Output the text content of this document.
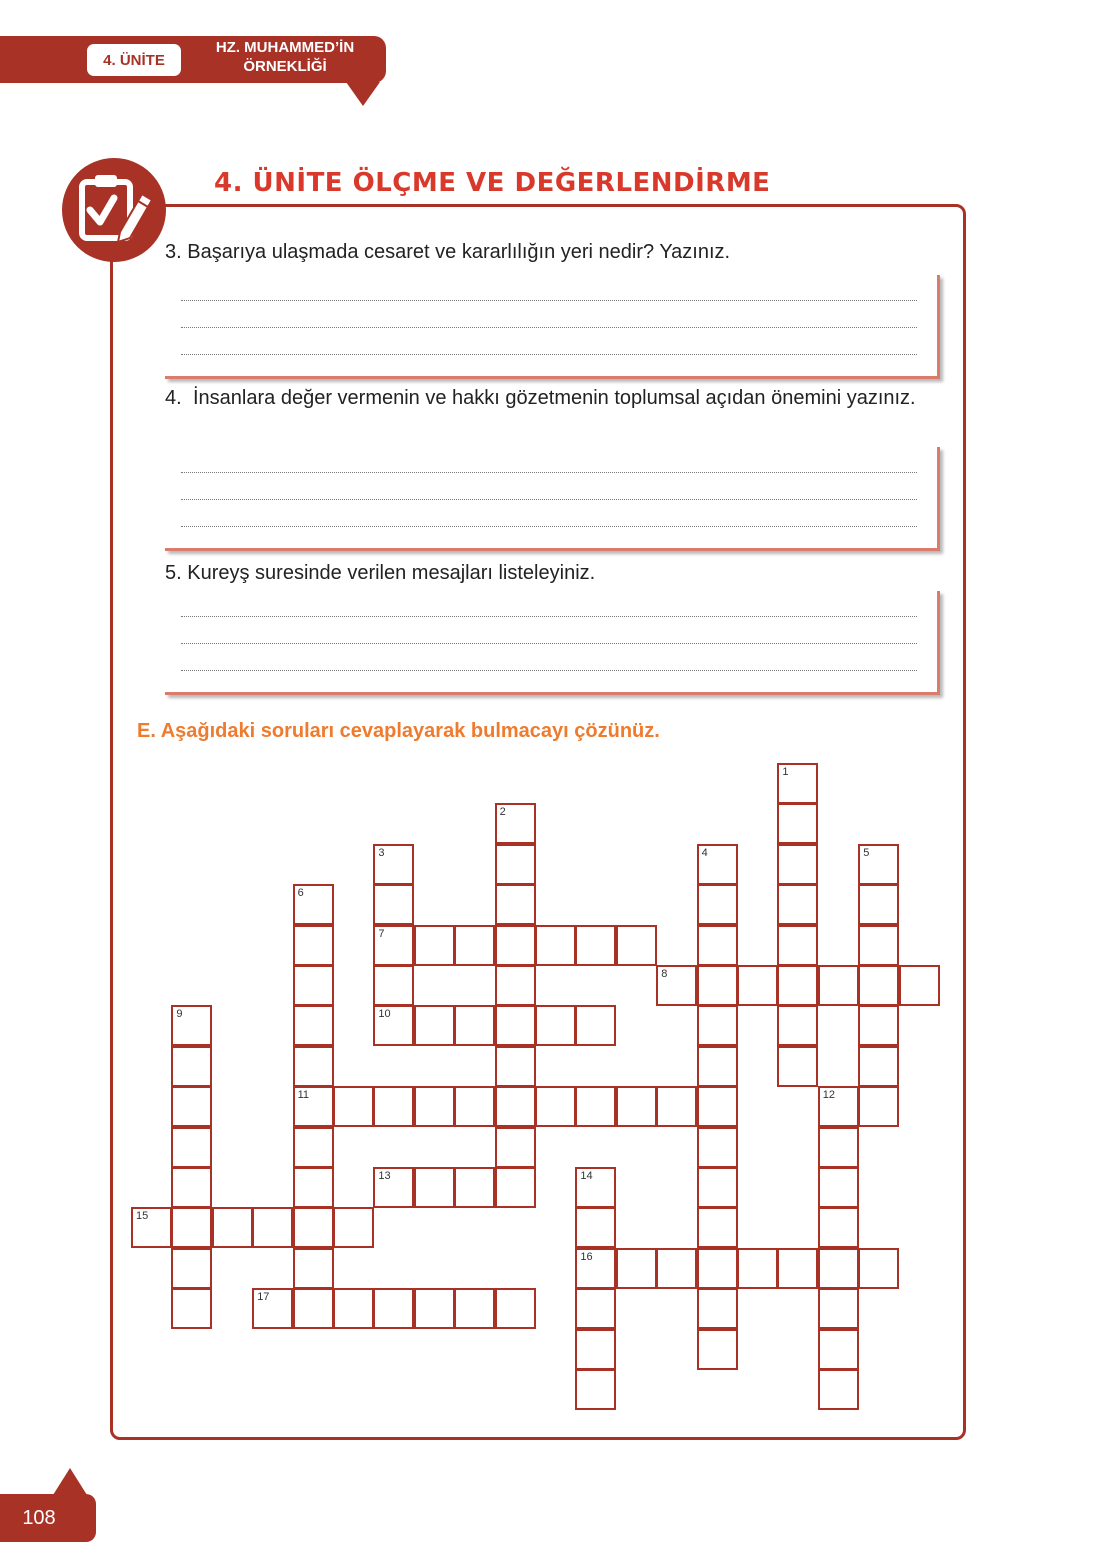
4. ÜNİTE
HZ. MUHAMMED’İN
ÖRNEKLİĞİ
4. ÜNİTE ÖLÇME VE DEĞERLENDİRME
3. Başarıya ulaşmada cesaret ve kararlılığın yeri nedir? Yazınız.
4. İnsanlara değer vermenin ve hakkı gözetmenin toplumsal açıdan önemini yazınız.
5. Kureyş suresinde verilen mesajları listeleyiniz.
E. Aşağıdaki soruları cevaplayarak bulmacayı çözünüz.
1
2
3
7
4	5
6
11
8
9	10
12
13	14
16
15
17
108
